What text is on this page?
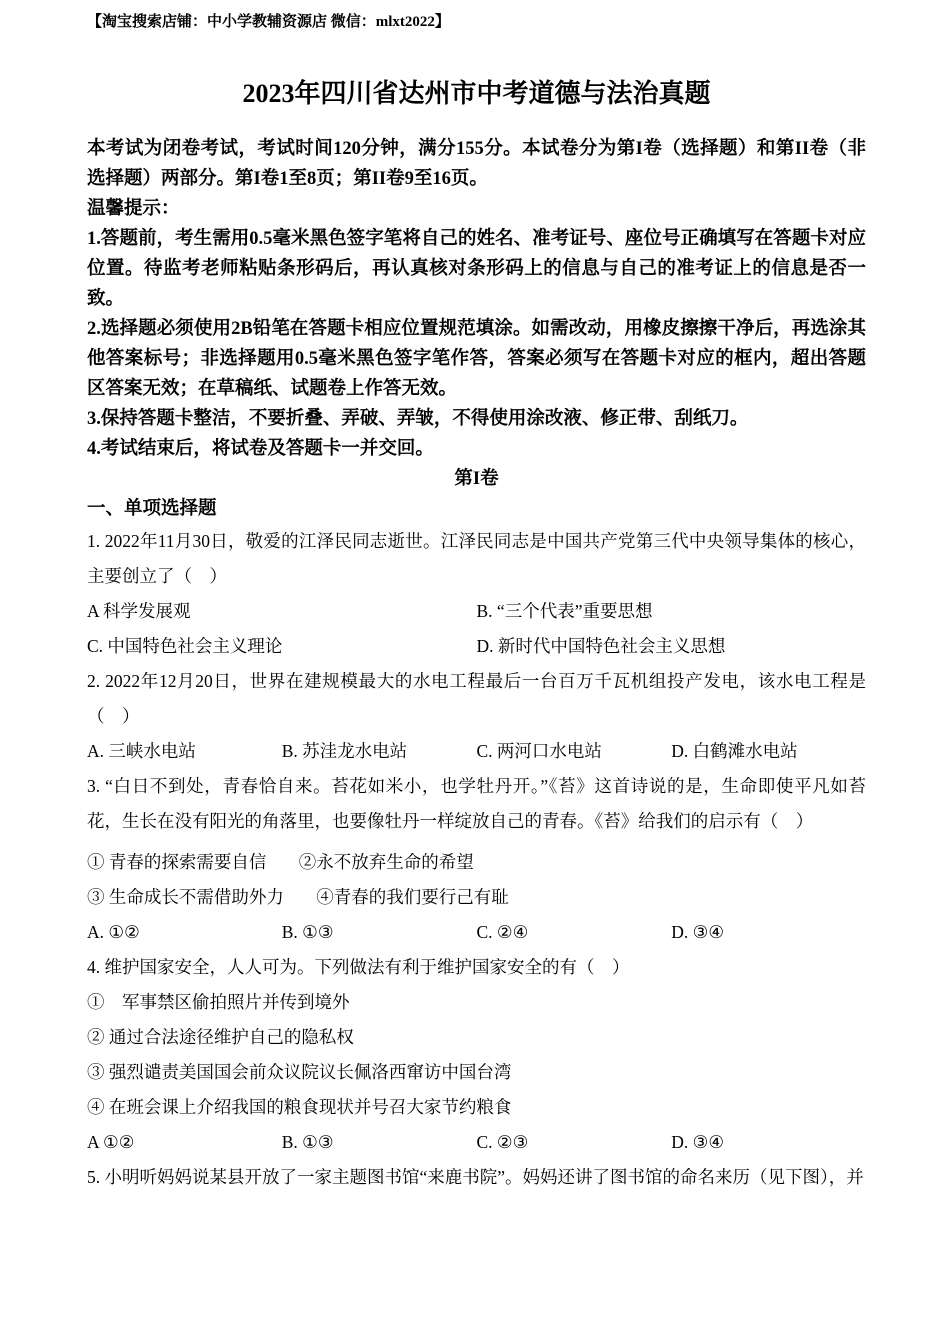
【淘宝搜索店铺：中小学教辅资源店 微信：mlxt2022】

2023年四川省达州市中考道德与法治真题

本考试为闭卷考试，考试时间120分钟，满分155分。本试卷分为第I卷（选择题）和第II卷（非选择题）两部分。第I卷1至8页；第II卷9至16页。

温馨提示：

1.答题前，考生需用0.5毫米黑色签字笔将自己的姓名、准考证号、座位号正确填写在答题卡对应位置。待监考老师粘贴条形码后，再认真核对条形码上的信息与自己的准考证上的信息是否一致。

2.选择题必须使用2B铅笔在答题卡相应位置规范填涂。如需改动，用橡皮擦擦干净后，再选涂其他答案标号；非选择题用0.5毫米黑色签字笔作答，答案必须写在答题卡对应的框内，超出答题区答案无效；在草稿纸、试题卷上作答无效。

3.保持答题卡整洁，不要折叠、弄破、弄皱，不得使用涂改液、修正带、刮纸刀。

4.考试结束后，将试卷及答题卡一并交回。

第I卷

一、单项选择题

1. 2022年11月30日，敬爱的江泽民同志逝世。江泽民同志是中国共产党第三代中央领导集体的核心，主要创立了（　）

A 科学发展观	B. “三个代表”重要思想
C. 中国特色社会主义理论	D. 新时代中国特色社会主义思想

2. 2022年12月20日，世界在建规模最大的水电工程最后一台百万千瓦机组投产发电，该水电工程是（　）

A. 三峡水电站	B. 苏洼龙水电站	C. 两河口水电站	D. 白鹤滩水电站

3. “白日不到处，青春恰自来。苔花如米小，也学牡丹开。”《苔》这首诗说的是，生命即使平凡如苔花，生长在没有阳光的角落里，也要像牡丹一样绽放自己的青春。《苔》给我们的启示有（　）

① 青春的探索需要自信 ②永不放弃生命的希望

③ 生命成长不需借助外力 ④青春的我们要行己有耻

A. ①②	B. ①③	C. ②④	D. ③④

4. 维护国家安全，人人可为。下列做法有利于维护国家安全的有（　）

①　军事禁区偷拍照片并传到境外

② 通过合法途径维护自己的隐私权

③ 强烈谴责美国国会前众议院议长佩洛西窜访中国台湾

④ 在班会课上介绍我国的粮食现状并号召大家节约粮食

A ①②	B. ①③	C. ②③	D. ③④

5. 小明听妈妈说某县开放了一家主题图书馆“来鹿书院”。妈妈还讲了图书馆的命名来历（见下图），并
